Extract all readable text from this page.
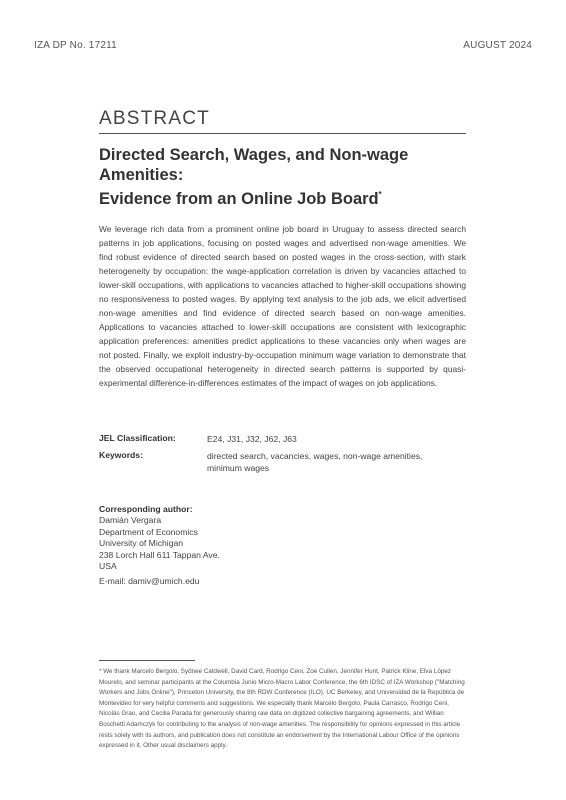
IZA DP No. 17211	AUGUST 2024
ABSTRACT
Directed Search, Wages, and Non-wage
Amenities:
Evidence from an Online Job Board*
We leverage rich data from a prominent online job board in Uruguay to assess directed search patterns in job applications, focusing on posted wages and advertised non-wage amenities. We find robust evidence of directed search based on posted wages in the cross-section, with stark heterogeneity by occupation: the wage-application correlation is driven by vacancies attached to lower-skill occupations, with applications to vacancies attached to higher-skill occupations showing no responsiveness to posted wages. By applying text analysis to the job ads, we elicit advertised non-wage amenities and find evidence of directed search based on non-wage amenities. Applications to vacancies attached to lower-skill occupations are consistent with lexicographic application preferences: amenities predict applications to these vacancies only when wages are not posted. Finally, we exploit industry-by-occupation minimum wage variation to demonstrate that the observed occupational heterogeneity in directed search patterns is supported by quasi-experimental difference-in-differences estimates of the impact of wages on job applications.
JEL Classification:	E24, J31, J32, J62, J63
Keywords:	directed search, vacancies, wages, non-wage amenities,
minimum wages
Corresponding author:
Damián Vergara
Department of Economics
University of Michigan
238 Lorch Hall 611 Tappan Ave.
USA
E-mail: damiv@umich.edu
* We thank Marcelo Bergolo, Sydnee Caldwell, David Card, Rodrigo Ceni, Zoe Cullen, Jennifer Hunt, Patrick Kline, Elva López Mourelo, and seminar participants at the Columbia Junio Micro-Macro Labor Conference, the 6th IDSC of IZA Workshop ("Matching Workers and Jobs Online"), Princeton University, the 8th RDW Conference (ILO), UC Berkeley, and Universidad de la República de Montevideo for very helpful comments and suggestions. We especially thank Marcelo Bergolo, Paula Carrasco, Rodrigo Ceni, Nicolás Grau, and Cecilia Parada for generously sharing raw data on digitized collective bargaining agreements, and Willian Boschetti Adamczyk for contributing to the analysis of non-wage amenities. The responsibility for opinions expressed in this article rests solely with its authors, and publication does not constitute an endorsement by the International Labour Office of the opinions expressed in it. Other usual disclaimers apply.
